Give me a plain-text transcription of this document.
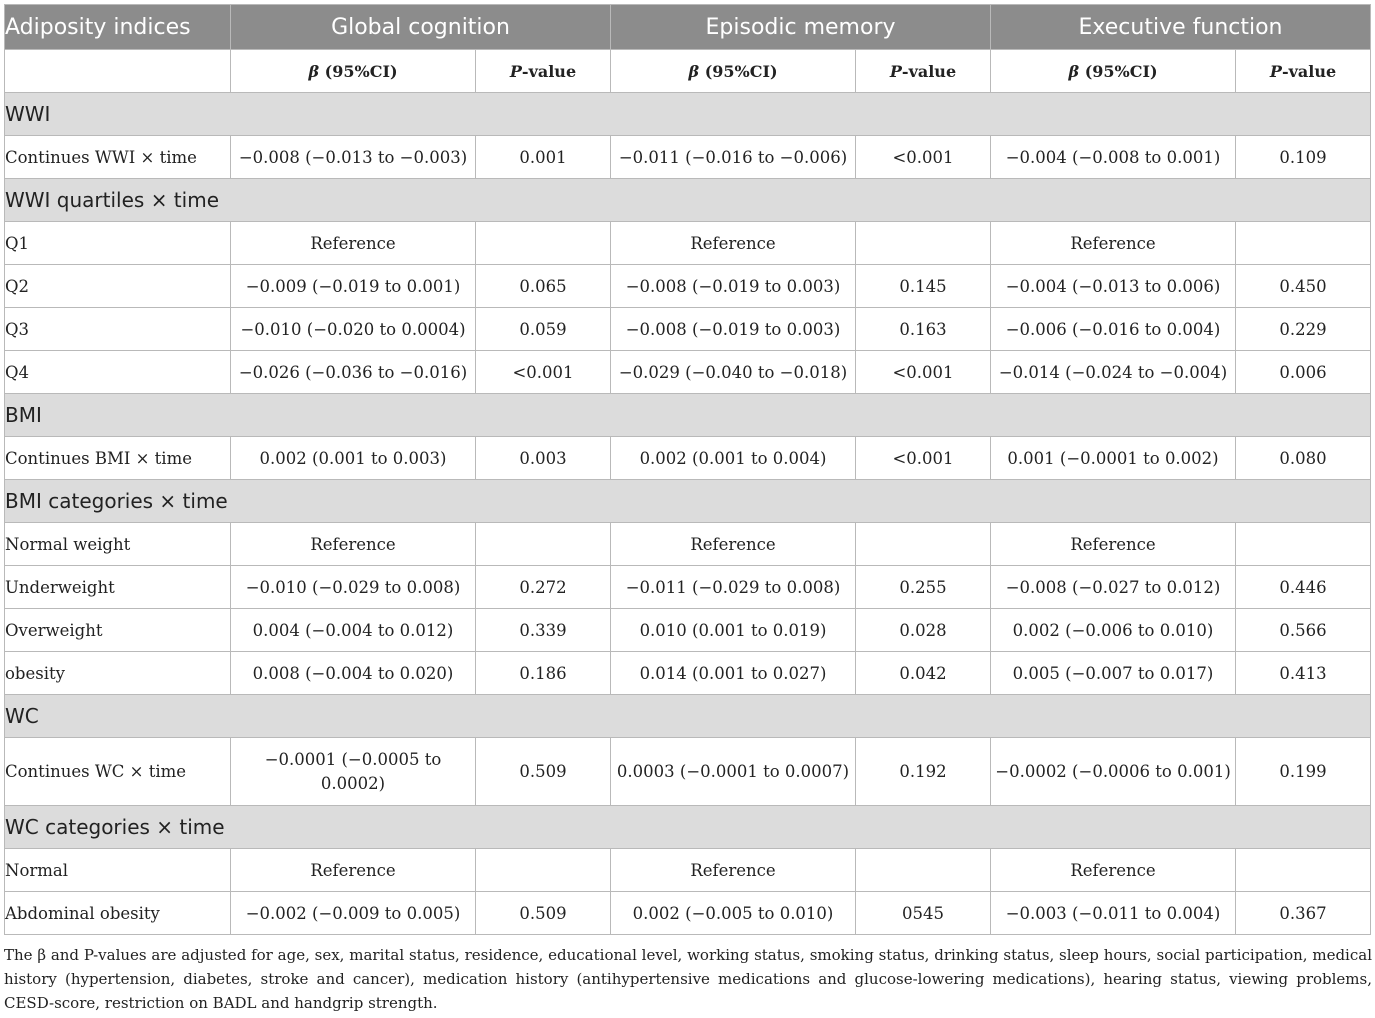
Adiposity indices	Global cognition		Episodic memory		Executive function	
	β (95%CI)	P-value	β (95%CI)	P-value	β (95%CI)	P-value
WWI						
Continues WWI × time	−0.008 (−0.013 to −0.003)	0.001	−0.011 (−0.016 to −0.006)	<0.001	−0.004 (−0.008 to 0.001)	0.109
WWI quartiles × time						
Q1	Reference		Reference		Reference	
Q2	−0.009 (−0.019 to 0.001)	0.065	−0.008 (−0.019 to 0.003)	0.145	−0.004 (−0.013 to 0.006)	0.450
Q3	−0.010 (−0.020 to 0.0004)	0.059	−0.008 (−0.019 to 0.003)	0.163	−0.006 (−0.016 to 0.004)	0.229
Q4	−0.026 (−0.036 to −0.016)	<0.001	−0.029 (−0.040 to −0.018)	<0.001	−0.014 (−0.024 to −0.004)	0.006
BMI						
Continues BMI × time	0.002 (0.001 to 0.003)	0.003	0.002 (0.001 to 0.004)	<0.001	0.001 (−0.0001 to 0.002)	0.080
BMI categories × time						
Normal weight	Reference		Reference		Reference	
Underweight	−0.010 (−0.029 to 0.008)	0.272	−0.011 (−0.029 to 0.008)	0.255	−0.008 (−0.027 to 0.012)	0.446
Overweight	0.004 (−0.004 to 0.012)	0.339	0.010 (0.001 to 0.019)	0.028	0.002 (−0.006 to 0.010)	0.566
obesity	0.008 (−0.004 to 0.020)	0.186	0.014 (0.001 to 0.027)	0.042	0.005 (−0.007 to 0.017)	0.413
WC						
Continues WC × time	−0.0001 (−0.0005 to 0.0002)	0.509	0.0003 (−0.0001 to 0.0007)	0.192	−0.0002 (−0.0006 to 0.001)	0.199
WC categories × time						
Normal	Reference		Reference		Reference	
Abdominal obesity	−0.002 (−0.009 to 0.005)	0.509	0.002 (−0.005 to 0.010)	0545	−0.003 (−0.011 to 0.004)	0.367
The β and P-values are adjusted for age, sex, marital status, residence, educational level, working status, smoking status, drinking status, sleep hours, social participation, medical history (hypertension, diabetes, stroke and cancer), medication history (antihypertensive medications and glucose-lowering medications), hearing status, viewing problems, CESD-score, restriction on BADL and handgrip strength.
